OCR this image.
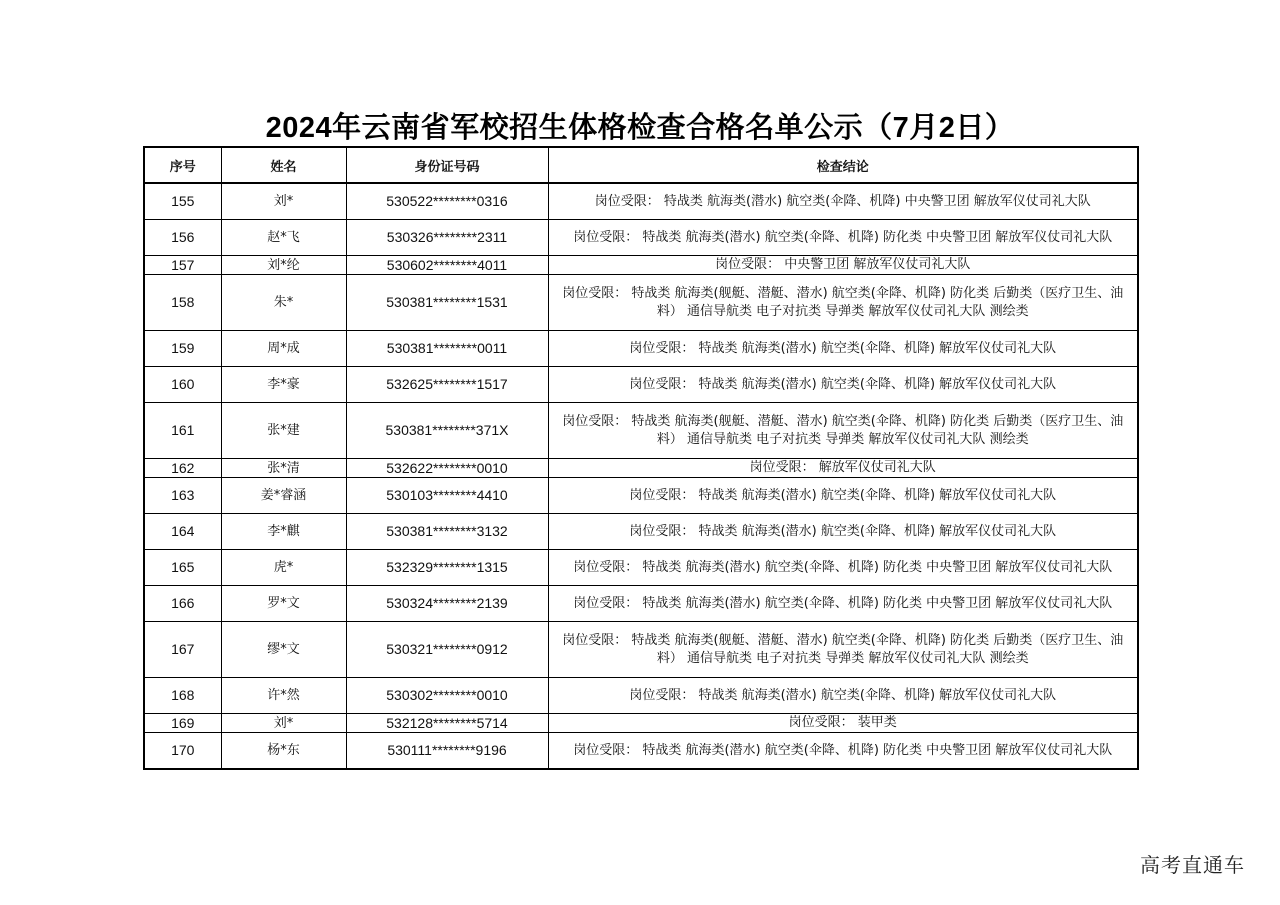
2024年云南省军校招生体格检查合格名单公示（7月2日）
序号	姓名	身份证号码	检查结论
155	刘*	530522********0316	岗位受限： 特战类 航海类(潜水) 航空类(伞降、机降) 中央警卫团 解放军仪仗司礼大队
156	赵*飞	530326********2311	岗位受限： 特战类 航海类(潜水) 航空类(伞降、机降) 防化类 中央警卫团 解放军仪仗司礼大队
157	刘*纶	530602********4011	岗位受限： 中央警卫团 解放军仪仗司礼大队
158	朱*	530381********1531	岗位受限： 特战类 航海类(舰艇、潜艇、潜水) 航空类(伞降、机降) 防化类 后勤类（医疗卫生、油料） 通信导航类 电子对抗类 导弹类 解放军仪仗司礼大队 测绘类
159	周*成	530381********0011	岗位受限： 特战类 航海类(潜水) 航空类(伞降、机降) 解放军仪仗司礼大队
160	李*豪	532625********1517	岗位受限： 特战类 航海类(潜水) 航空类(伞降、机降) 解放军仪仗司礼大队
161	张*建	530381********371X	岗位受限： 特战类 航海类(舰艇、潜艇、潜水) 航空类(伞降、机降) 防化类 后勤类（医疗卫生、油料） 通信导航类 电子对抗类 导弹类 解放军仪仗司礼大队 测绘类
162	张*清	532622********0010	岗位受限： 解放军仪仗司礼大队
163	姜*睿涵	530103********4410	岗位受限： 特战类 航海类(潜水) 航空类(伞降、机降) 解放军仪仗司礼大队
164	李*麒	530381********3132	岗位受限： 特战类 航海类(潜水) 航空类(伞降、机降) 解放军仪仗司礼大队
165	虎*	532329********1315	岗位受限： 特战类 航海类(潜水) 航空类(伞降、机降) 防化类 中央警卫团 解放军仪仗司礼大队
166	罗*文	530324********2139	岗位受限： 特战类 航海类(潜水) 航空类(伞降、机降) 防化类 中央警卫团 解放军仪仗司礼大队
167	缪*文	530321********0912	岗位受限： 特战类 航海类(舰艇、潜艇、潜水) 航空类(伞降、机降) 防化类 后勤类（医疗卫生、油料） 通信导航类 电子对抗类 导弹类 解放军仪仗司礼大队 测绘类
168	许*然	530302********0010	岗位受限： 特战类 航海类(潜水) 航空类(伞降、机降) 解放军仪仗司礼大队
169	刘*	532128********5714	岗位受限： 装甲类
170	杨*东	530111********9196	岗位受限： 特战类 航海类(潜水) 航空类(伞降、机降) 防化类 中央警卫团 解放军仪仗司礼大队
高考直通车
